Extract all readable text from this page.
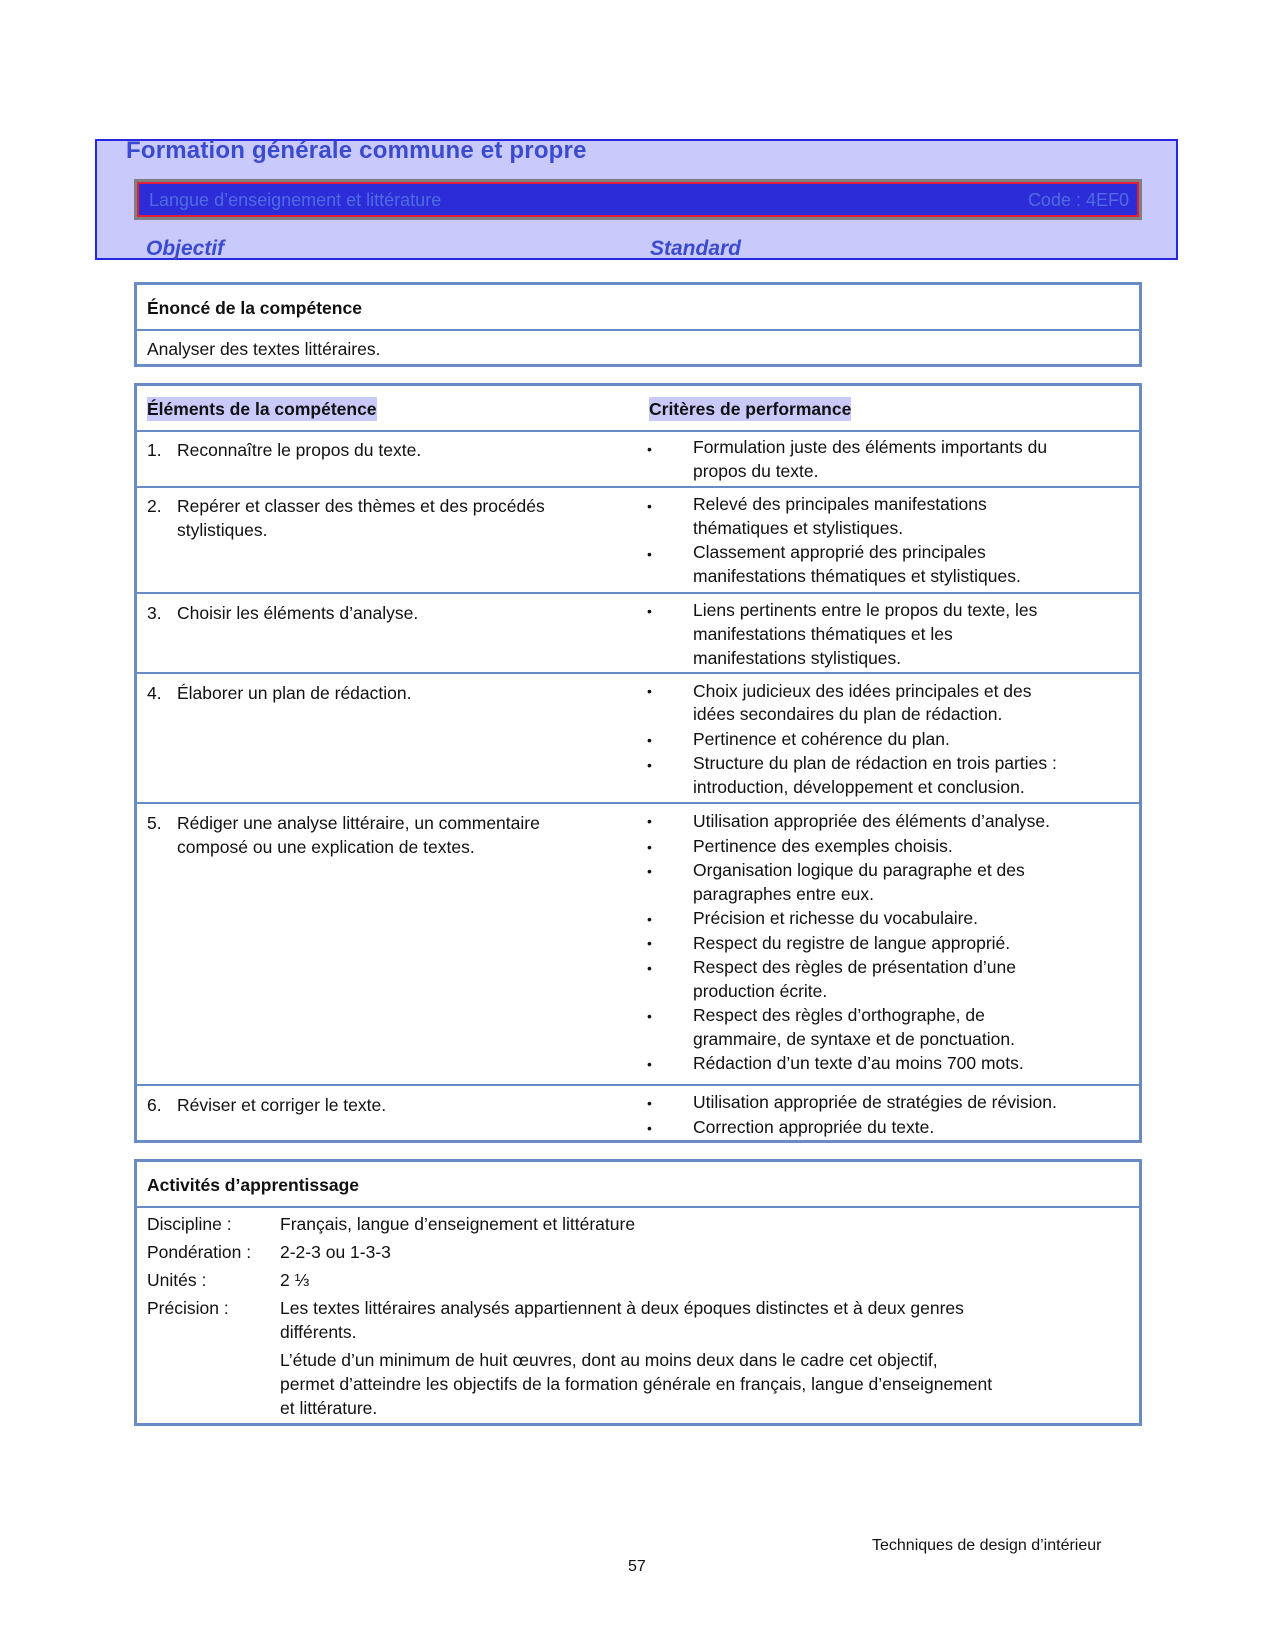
Formation générale commune et propre
Langue d’enseignement et littérature	Code : 4EF0
Objectif	Standard
Énoncé de la compétence
Analyser des textes littéraires.
Éléments de la compétence	Critères de performance
1. Reconnaître le propos du texte.	• Formulation juste des éléments importants du
propos du texte.
2. Repérer et classer des thèmes et des procédés
stylistiques.
• Relevé des principales manifestations
thématiques et stylistiques.
• Classement approprié des principales
manifestations thématiques et stylistiques.
3. Choisir les éléments d’analyse.	• Liens pertinents entre le propos du texte, les
manifestations thématiques et les
manifestations stylistiques.
4. Élaborer un plan de rédaction.	• Choix judicieux des idées principales et des
idées secondaires du plan de rédaction.
• Pertinence et cohérence du plan.
• Structure du plan de rédaction en trois parties :
introduction, développement et conclusion.
5. Rédiger une analyse littéraire, un commentaire
composé ou une explication de textes.
• Utilisation appropriée des éléments d’analyse.
• Pertinence des exemples choisis.
• Organisation logique du paragraphe et des
paragraphes entre eux.
• Précision et richesse du vocabulaire.
• Respect du registre de langue approprié.
• Respect des règles de présentation d’une
production écrite.
• Respect des règles d’orthographe, de
grammaire, de syntaxe et de ponctuation.
• Rédaction d’un texte d’au moins 700 mots.
6. Réviser et corriger le texte.	• Utilisation appropriée de stratégies de révision.
• Correction appropriée du texte.
Activités d’apprentissage
Discipline :	Français, langue d’enseignement et littérature
Pondération : 2-2-3 ou 1-3-3
Unités :	2 ⅓
Précision :	Les textes littéraires analysés appartiennent à deux époques distinctes et à deux genres
différents.
L’étude d’un minimum de huit œuvres, dont au moins deux dans le cadre cet objectif,
permet d’atteindre les objectifs de la formation générale en français, langue d’enseignement
et littérature.
Techniques de design d’intérieur
57
